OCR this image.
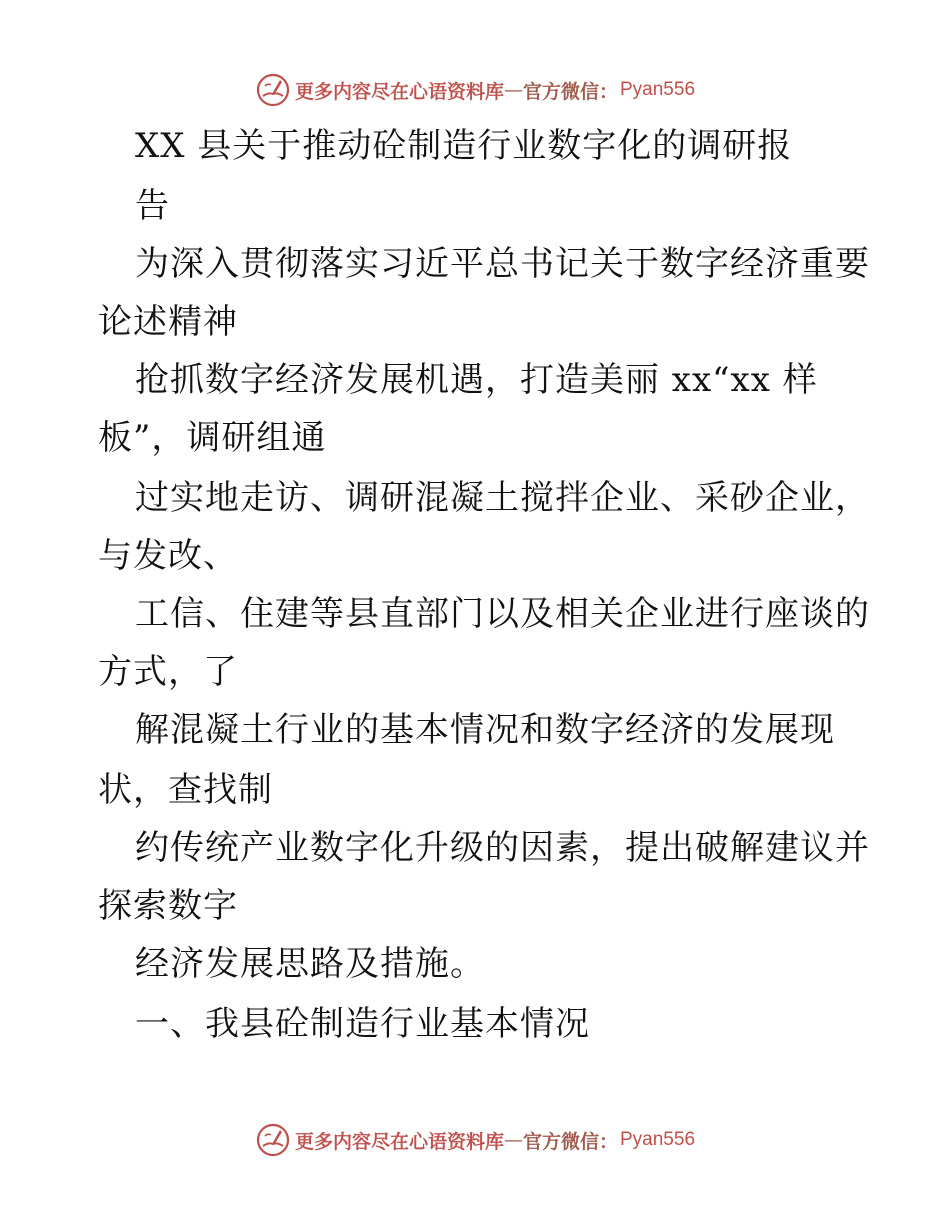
更多内容尽在心语资料库 — 官方微信： Pyan556
XX 县关于推动砼制造行业数字化的调研报
告
为深入贯彻落实习近平总书记关于数字经济重要
论述精神
抢抓数字经济发展机遇，打造美丽 xx“xx 样
板”，调研组通
过实地走访、调研混凝土搅拌企业、采砂企业，
与发改、
工信、住建等县直部门以及相关企业进行座谈的
方式，了
解混凝土行业的基本情况和数字经济的发展现
状，查找制
约传统产业数字化升级的因素，提出破解建议并
探索数字
经济发展思路及措施。
一、我县砼制造行业基本情况
更多内容尽在心语资料库 — 官方微信： Pyan556
